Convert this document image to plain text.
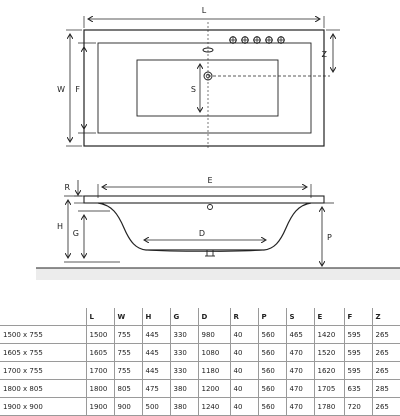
L
W F	S
Z
E
R
H
G	D	P
	L	W	H	G	D	R	P	S	E	F	Z
1500 x 755	1500	755	445	330	980	40	560	465	1420	595	265
1605 x 755	1605	755	445	330	1080	40	560	470	1520	595	265
1700 x 755	1700	755	445	330	1180	40	560	470	1620	595	265
1800 x 805	1800	805	475	380	1200	40	560	470	1705	635	285
1900 x 900	1900	900	500	380	1240	40	560	470	1780	720	265
